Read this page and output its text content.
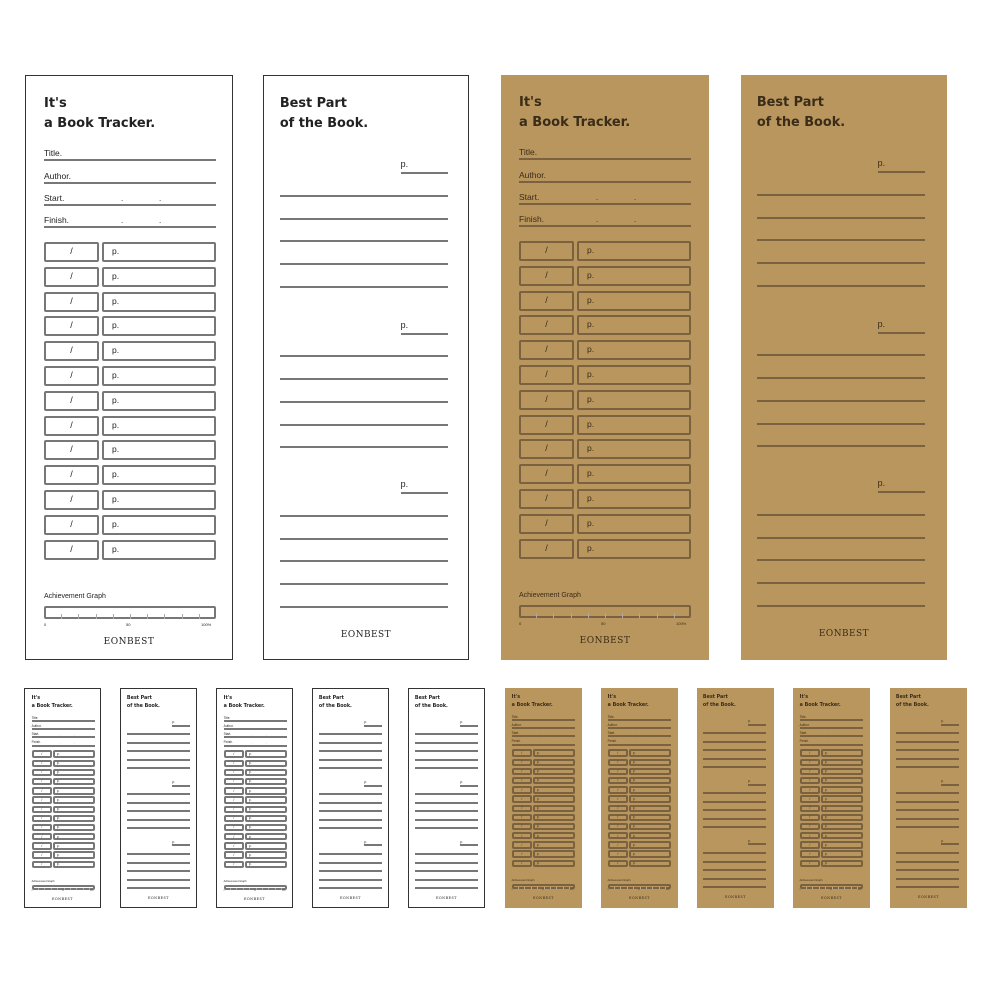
It's
a Book Tracker.
Title.
Author.
Start.	.	.
Finish.	.	.
/	p.
/	p.
/	p.
/	p.
/	p.
/	p.
/	p.
/	p.
/	p.
/	p.
/	p.
/	p.
/	p.
Achievement Graph
0	50	100%
EONBEST
Best Part
of the Book.
p.
p.
p.
EONBEST
It's
a Book Tracker.
Title.
Author.
Start.	.	.
Finish.	.	.
/	p.
/	p.
/	p.
/	p.
/	p.
/	p.
/	p.
/	p.
/	p.
/	p.
/	p.
/	p.
/	p.
Achievement Graph
0	50	100%
EONBEST
Best Part
of the Book.
p.
p.
p.
EONBEST
It's
a Book Tracker.
Title.
Author.
Start.	.	.
Finish.	.	.
/	p.
/	p.
/	p.
/	p.
/	p.
/	p.
/	p.
/	p.
/	p.
/	p.
/	p.
/	p.
/	p.
Achievement Graph
0	50	100%
EONBEST
Best Part
of the Book.
p.
p.
p.
EONBEST
It's
a Book Tracker.
Title.
Author.
Start.	.	.
Finish.	.	.
/	p.
/	p.
/	p.
/	p.
/	p.
/	p.
/	p.
/	p.
/	p.
/	p.
/	p.
/	p.
/	p.
Achievement Graph
0	50	100%
EONBEST
Best Part
of the Book.
p.
p.
p.
EONBEST
Best Part
of the Book.
p.
p.
p.
EONBEST
It's
a Book Tracker.
Title.
Author.
Start.	.	.
Finish.	.	.
/	p.
/	p.
/	p.
/	p.
/	p.
/	p.
/	p.
/	p.
/	p.
/	p.
/	p.
/	p.
/	p.
Achievement Graph
0	50	100%
EONBEST
It's
a Book Tracker.
Title.
Author.
Start.	.	.
Finish.	.	.
/	p.
/	p.
/	p.
/	p.
/	p.
/	p.
/	p.
/	p.
/	p.
/	p.
/	p.
/	p.
/	p.
Achievement Graph
0	50	100%
EONBEST
Best Part
of the Book.
p.
p.
p.
EONBEST
It's
a Book Tracker.
Title.
Author.
Start.	.	.
Finish.	.	.
/	p.
/	p.
/	p.
/	p.
/	p.
/	p.
/	p.
/	p.
/	p.
/	p.
/	p.
/	p.
/	p.
Achievement Graph
0	50	100%
EONBEST
Best Part
of the Book.
p.
p.
p.
EONBEST
